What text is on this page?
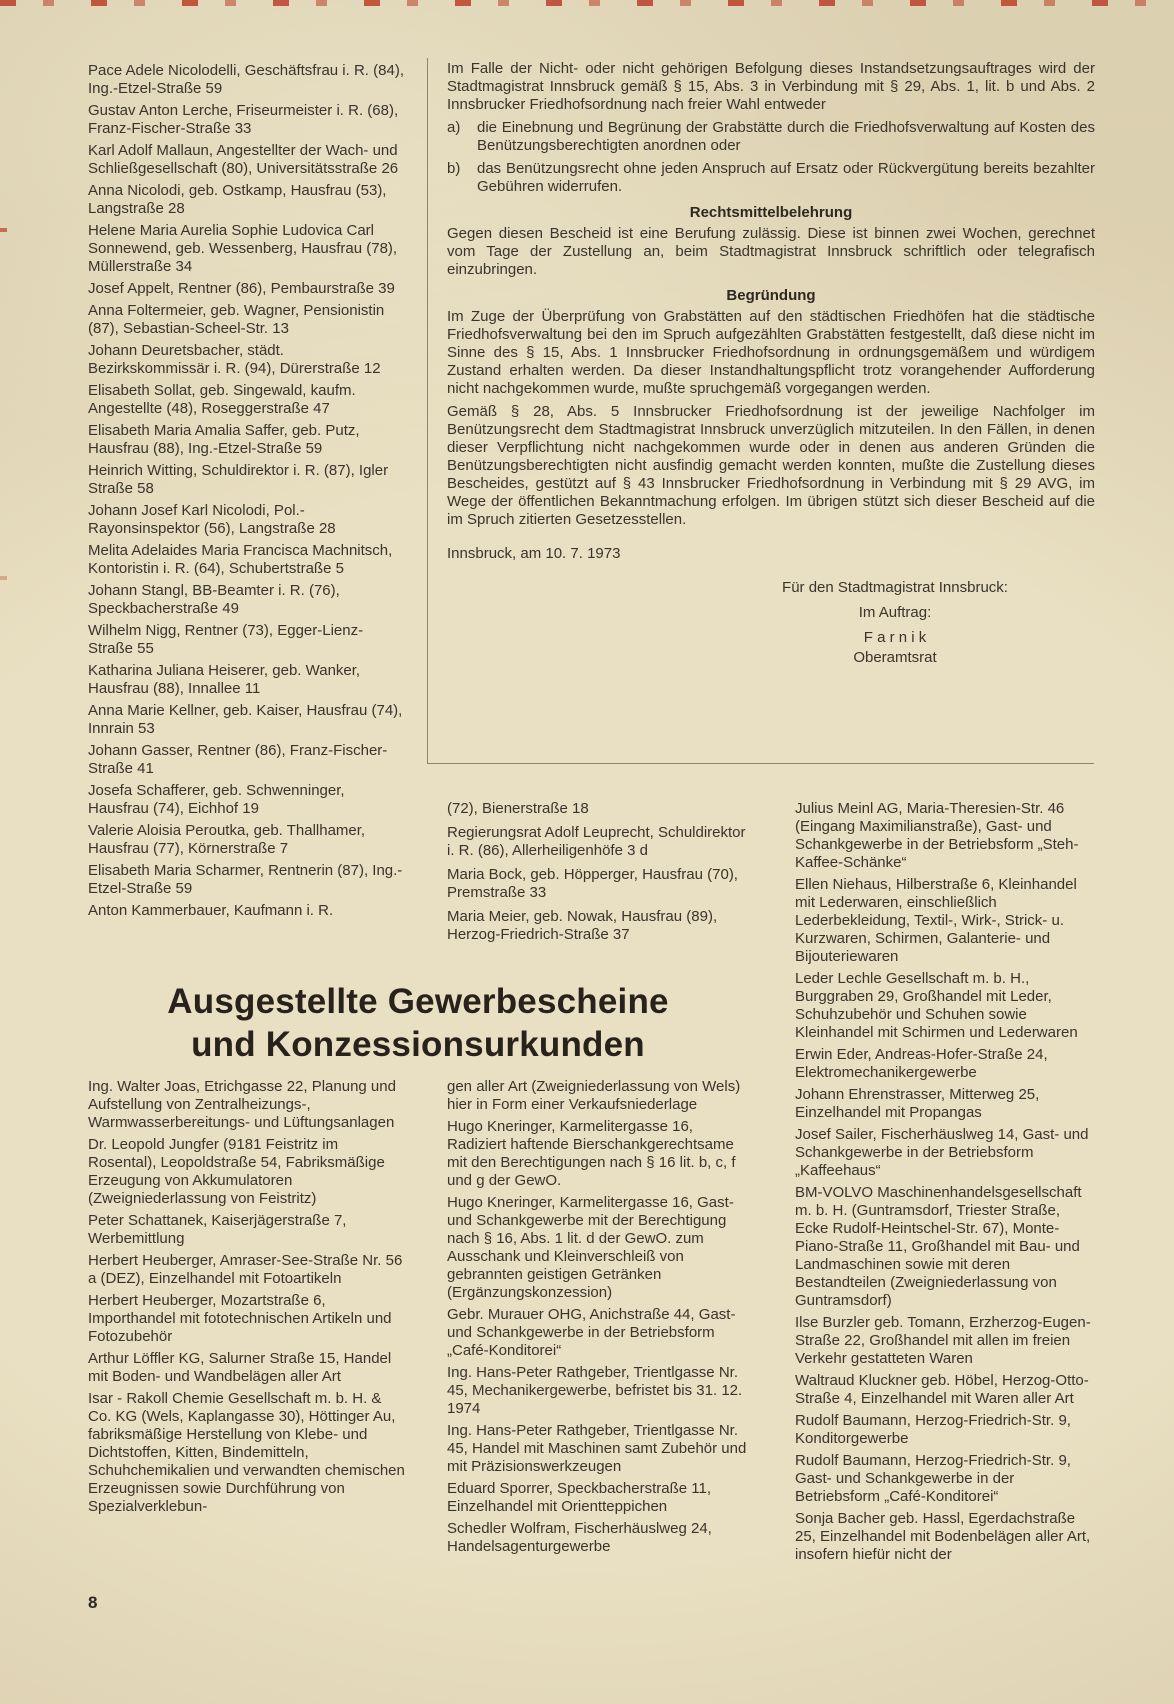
Pace Adele Nicolodelli, Geschäftsfrau i. R. (84), Ing.-Etzel-Straße 59

Gustav Anton Lerche, Friseurmeister i. R. (68), Franz-Fischer-Straße 33

Karl Adolf Mallaun, Angestellter der Wach- und Schließgesellschaft (80), Universitätsstraße 26

Anna Nicolodi, geb. Ostkamp, Hausfrau (53), Langstraße 28

Helene Maria Aurelia Sophie Ludovica Carl Sonnewend, geb. Wessenberg, Hausfrau (78), Müllerstraße 34

Josef Appelt, Rentner (86), Pembaurstraße 39

Anna Foltermeier, geb. Wagner, Pensionistin (87), Sebastian-Scheel-Str. 13

Johann Deuretsbacher, städt. Bezirkskommissär i. R. (94), Dürerstraße 12

Elisabeth Sollat, geb. Singewald, kaufm. Angestellte (48), Roseggerstraße 47

Elisabeth Maria Amalia Saffer, geb. Putz, Hausfrau (88), Ing.-Etzel-Straße 59

Heinrich Witting, Schuldirektor i. R. (87), Igler Straße 58

Johann Josef Karl Nicolodi, Pol.-Rayonsinspektor (56), Langstraße 28

Melita Adelaides Maria Francisca Machnitsch, Kontoristin i. R. (64), Schubertstraße 5

Johann Stangl, BB-Beamter i. R. (76), Speckbacherstraße 49

Wilhelm Nigg, Rentner (73), Egger-Lienz-Straße 55

Katharina Juliana Heiserer, geb. Wanker, Hausfrau (88), Innallee 11

Anna Marie Kellner, geb. Kaiser, Hausfrau (74), Innrain 53

Johann Gasser, Rentner (86), Franz-Fischer-Straße 41

Josefa Schafferer, geb. Schwenninger, Hausfrau (74), Eichhof 19

Valerie Aloisia Peroutka, geb. Thallhamer, Hausfrau (77), Körnerstraße 7

Elisabeth Maria Scharmer, Rentnerin (87), Ing.-Etzel-Straße 59

Anton Kammerbauer, Kaufmann i. R.

Im Falle der Nicht- oder nicht gehörigen Befolgung dieses Instandsetzungsauftrages wird der Stadtmagistrat Innsbruck gemäß § 15, Abs. 3 in Verbindung mit § 29, Abs. 1, lit. b und Abs. 2 Innsbrucker Friedhofsordnung nach freier Wahl entweder

a)	die Einebnung und Begrünung der Grabstätte durch die Friedhofsverwaltung auf Kosten des Benützungsberechtigten anordnen oder
b)	das Benützungsrecht ohne jeden Anspruch auf Ersatz oder Rückvergütung bereits bezahlter Gebühren widerrufen.
Rechtsmittelbelehrung

Gegen diesen Bescheid ist eine Berufung zulässig. Diese ist binnen zwei Wochen, gerechnet vom Tage der Zustellung an, beim Stadtmagistrat Innsbruck schriftlich oder telegrafisch einzubringen.

Begründung

Im Zuge der Überprüfung von Grabstätten auf den städtischen Friedhöfen hat die städtische Friedhofsverwaltung bei den im Spruch aufgezählten Grabstätten festgestellt, daß diese nicht im Sinne des § 15, Abs. 1 Innsbrucker Friedhofsordnung in ordnungsgemäßem und würdigem Zustand erhalten werden. Da dieser Instandhaltungspflicht trotz vorangehender Aufforderung nicht nachgekommen wurde, mußte spruchgemäß vorgegangen werden.

Gemäß § 28, Abs. 5 Innsbrucker Friedhofsordnung ist der jeweilige Nachfolger im Benützungsrecht dem Stadtmagistrat Innsbruck unverzüglich mitzuteilen. In den Fällen, in denen dieser Verpflichtung nicht nachgekommen wurde oder in denen aus anderen Gründen die Benützungsberechtigten nicht ausfindig gemacht werden konnten, mußte die Zustellung dieses Bescheides, gestützt auf § 43 Innsbrucker Friedhofsordnung in Verbindung mit § 29 AVG, im Wege der öffentlichen Bekanntmachung erfolgen. Im übrigen stützt sich dieser Bescheid auf die im Spruch zitierten Gesetzesstellen.

Innsbruck, am 10. 7. 1973

Für den Stadtmagistrat Innsbruck:

Im Auftrag:

F a r n i k

Oberamtsrat

(72), Bienerstraße 18

Regierungsrat Adolf Leuprecht, Schuldirektor i. R. (86), Allerheiligenhöfe 3 d

Maria Bock, geb. Höpperger, Hausfrau (70), Premstraße 33

Maria Meier, geb. Nowak, Hausfrau (89), Herzog-Friedrich-Straße 37

Julius Meinl AG, Maria-Theresien-Str. 46 (Eingang Maximilianstraße), Gast- und Schankgewerbe in der Betriebsform „Steh-Kaffee-Schänke“

Ellen Niehaus, Hilberstraße 6, Kleinhandel mit Lederwaren, einschließlich Lederbekleidung, Textil-, Wirk-, Strick- u. Kurzwaren, Schirmen, Galanterie- und Bijouteriewaren

Leder Lechle Gesellschaft m. b. H., Burggraben 29, Großhandel mit Leder, Schuhzubehör und Schuhen sowie Kleinhandel mit Schirmen und Lederwaren

Erwin Eder, Andreas-Hofer-Straße 24, Elektromechanikergewerbe

Johann Ehrenstrasser, Mitterweg 25, Einzelhandel mit Propangas

Josef Sailer, Fischerhäuslweg 14, Gast- und Schankgewerbe in der Betriebsform „Kaffeehaus“

BM-VOLVO Maschinenhandelsgesellschaft m. b. H. (Guntramsdorf, Triester Straße, Ecke Rudolf-Heintschel-Str. 67), Monte-Piano-Straße 11, Großhandel mit Bau- und Landmaschinen sowie mit deren Bestandteilen (Zweigniederlassung von Guntramsdorf)

Ilse Burzler geb. Tomann, Erzherzog-Eugen-Straße 22, Großhandel mit allen im freien Verkehr gestatteten Waren

Waltraud Kluckner geb. Höbel, Herzog-Otto-Straße 4, Einzelhandel mit Waren aller Art

Rudolf Baumann, Herzog-Friedrich-Str. 9, Konditorgewerbe

Rudolf Baumann, Herzog-Friedrich-Str. 9, Gast- und Schankgewerbe in der Betriebsform „Café-Konditorei“

Sonja Bacher geb. Hassl, Egerdachstraße 25, Einzelhandel mit Bodenbelägen aller Art, insofern hiefür nicht der

Ausgestellte Gewerbescheine
und Konzessionsurkunden

Ing. Walter Joas, Etrichgasse 22, Planung und Aufstellung von Zentralheizungs-, Warmwasserbereitungs- und Lüftungsanlagen

Dr. Leopold Jungfer (9181 Feistritz im Rosental), Leopoldstraße 54, Fabriksmäßige Erzeugung von Akkumulatoren (Zweigniederlassung von Feistritz)

Peter Schattanek, Kaiserjägerstraße 7, Werbemittlung

Herbert Heuberger, Amraser-See-Straße Nr. 56 a (DEZ), Einzelhandel mit Fotoartikeln

Herbert Heuberger, Mozartstraße 6, Importhandel mit fototechnischen Artikeln und Fotozubehör

Arthur Löffler KG, Salurner Straße 15, Handel mit Boden- und Wandbelägen aller Art

Isar - Rakoll Chemie Gesellschaft m. b. H. & Co. KG (Wels, Kaplangasse 30), Höttinger Au, fabriksmäßige Herstellung von Klebe- und Dichtstoffen, Kitten, Bindemitteln, Schuhchemikalien und verwandten chemischen Erzeugnissen sowie Durchführung von Spezialverklebun-

gen aller Art (Zweigniederlassung von Wels) hier in Form einer Verkaufsniederlage

Hugo Kneringer, Karmelitergasse 16, Radiziert haftende Bierschankgerechtsame mit den Berechtigungen nach § 16 lit. b, c, f und g der GewO.

Hugo Kneringer, Karmelitergasse 16, Gast- und Schankgewerbe mit der Berechtigung nach § 16, Abs. 1 lit. d der GewO. zum Ausschank und Kleinverschleiß von gebrannten geistigen Getränken (Ergänzungskonzession)

Gebr. Murauer OHG, Anichstraße 44, Gast- und Schankgewerbe in der Betriebsform „Café-Konditorei“

Ing. Hans-Peter Rathgeber, Trientlgasse Nr. 45, Mechanikergewerbe, befristet bis 31. 12. 1974

Ing. Hans-Peter Rathgeber, Trientlgasse Nr. 45, Handel mit Maschinen samt Zubehör und mit Präzisionswerkzeugen

Eduard Sporrer, Speckbacherstraße 11, Einzelhandel mit Orientteppichen

Schedler Wolfram, Fischerhäuslweg 24, Handelsagenturgewerbe

8
